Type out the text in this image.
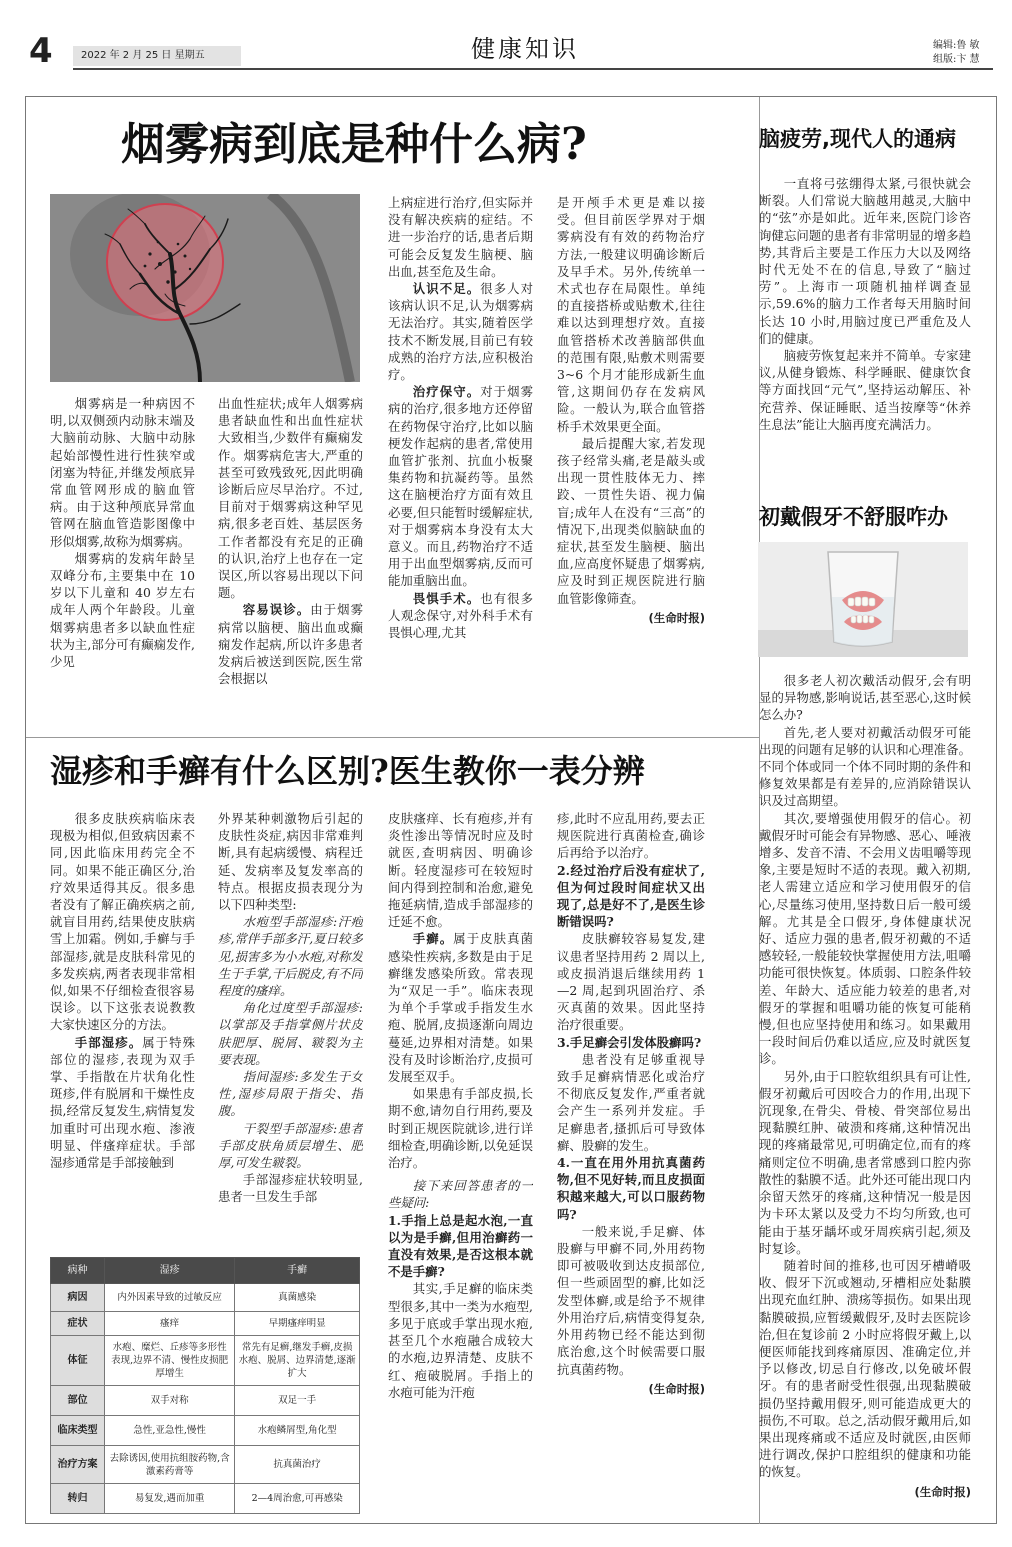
4	2022 年 2 月 25 日 星期五	健康知识	编辑:鲁 敏
组版:卞 慧
烟雾病到底是种什么病?

烟雾病是一种病因不明,以双侧颈内动脉末端及大脑前动脉、大脑中动脉起始部慢性进行性狭窄或闭塞为特征,并继发颅底异常血管网形成的脑血管病。由于这种颅底异常血管网在脑血管造影图像中形似烟雾,故称为烟雾病。

烟雾病的发病年龄呈双峰分布,主要集中在 10 岁以下儿童和 40 岁左右成年人两个年龄段。儿童烟雾病患者多以缺血性症状为主,部分可有癫痫发作,少见

出血性症状;成年人烟雾病患者缺血性和出血性症状大致相当,少数伴有癫痫发作。烟雾病危害大,严重的甚至可致残致死,因此明确诊断后应尽早治疗。不过,目前对于烟雾病这种罕见病,很多老百姓、基层医务工作者都没有充足的正确的认识,治疗上也存在一定误区,所以容易出现以下问题。

容易误诊。由于烟雾病常以脑梗、脑出血或癫痫发作起病,所以许多患者发病后被送到医院,医生常会根据以

上病症进行治疗,但实际并没有解决疾病的症结。不进一步治疗的话,患者后期可能会反复发生脑梗、脑出血,甚至危及生命。

认识不足。很多人对该病认识不足,认为烟雾病无法治疗。其实,随着医学技术不断发展,目前已有较成熟的治疗方法,应积极治疗。

治疗保守。对于烟雾病的治疗,很多地方还停留在药物保守治疗,比如以脑梗发作起病的患者,常使用血管扩张剂、抗血小板聚集药物和抗凝药等。虽然这在脑梗治疗方面有效且必要,但只能暂时缓解症状,对于烟雾病本身没有太大意义。而且,药物治疗不适用于出血型烟雾病,反而可能加重脑出血。

畏惧手术。也有很多人观念保守,对外科手术有畏惧心理,尤其

是开颅手术更是难以接受。但目前医学界对于烟雾病没有有效的药物治疗方法,一般建议明确诊断后及早手术。另外,传统单一术式也存在局限性。单纯的直接搭桥或贴敷术,往往难以达到理想疗效。直接血管搭桥术改善脑部供血的范围有限,贴敷术则需要 3~6 个月才能形成新生血管,这期间仍存在发病风险。一般认为,联合血管搭桥手术效果更全面。

最后提醒大家,若发现孩子经常头痛,老是敲头或出现一贯性肢体无力、摔跤、一贯性失语、视力偏盲;成年人在没有“三高”的情况下,出现类似脑缺血的症状,甚至发生脑梗、脑出血,应高度怀疑患了烟雾病,应及时到正规医院进行脑血管影像筛查。

(生命时报)
湿疹和手癣有什么区别?医生教你一表分辨

很多皮肤疾病临床表现极为相似,但致病因素不同,因此临床用药完全不同。如果不能正确区分,治疗效果适得其反。很多患者没有了解正确疾病之前,就盲目用药,结果使皮肤病雪上加霜。例如,手癣与手部湿疹,就是皮肤科常见的多发疾病,两者表现非常相似,如果不仔细检查很容易误诊。以下这张表说教教大家快速区分的方法。

手部湿疹。属于特殊部位的湿疹,表现为双手掌、手指散在片状角化性斑疹,伴有脱屑和干燥性皮损,经常反复发生,病情复发加重时可出现水疱、渗液明显、伴瘙痒症状。手部湿疹通常是手部接触到

外界某种刺激物后引起的皮肤性炎症,病因非常难判断,具有起病缓慢、病程迁延、发病率及复发率高的特点。根据皮损表现分为以下四种类型:

水疱型手部湿疹:汗疱疹,常伴手部多汗,夏日较多见,损害多为小水疱,对称发生于手掌,干后脱皮,有不同程度的瘙痒。

角化过度型手部湿疹:以掌部及手指掌侧片状皮肤肥厚、脱屑、皲裂为主要表现。

指间湿疹:多发生于女性,湿疹局限于指尖、指腹。

干裂型手部湿疹:患者手部皮肤角质层增生、肥厚,可发生皲裂。

手部湿疹症状较明显,患者一旦发生手部

皮肤瘙痒、长有疱疹,并有炎性渗出等情况时应及时就医,查明病因、明确诊断。轻度湿疹可在较短时间内得到控制和治愈,避免拖延病情,造成手部湿疹的迁延不愈。

手癣。属于皮肤真菌感染性疾病,多数是由于足癣继发感染所致。常表现为“双足一手”。临床表现为单个手掌或手指发生水疱、脱屑,皮损逐渐向周边蔓延,边界相对清楚。如果没有及时诊断治疗,皮损可发展至双手。

如果患有手部皮损,长期不愈,请勿自行用药,要及时到正规医院就诊,进行详细检查,明确诊断,以免延误治疗。

接下来回答患者的一些疑问:

1.手指上总是起水泡,一直以为是手癣,但用治癣药一直没有效果,是否这根本就不是手癣?

其实,手足癣的临床类型很多,其中一类为水疱型,多见于底或手掌出现水疱,甚至几个水疱融合成较大的水疱,边界清楚、皮肤不红、疱破脱屑。手指上的水疱可能为汗疱

疹,此时不应乱用药,要去正规医院进行真菌检查,确诊后再给予以治疗。

2.经过治疗后没有症状了,但为何过段时间症状又出现了,总是好不了,是医生诊断错误吗?

皮肤癣较容易复发,建议患者坚持用药 2 周以上,或皮损消退后继续用药 1—2 周,起到巩固治疗、杀灭真菌的效果。因此坚持治疗很重要。

3.手足癣会引发体股癣吗?

患者没有足够重视导致手足癣病情恶化或治疗不彻底反复发作,严重者就会产生一系列并发症。手足癣患者,搔抓后可导致体癣、股癣的发生。

4.一直在用外用抗真菌药物,但不见好转,而且皮损面积越来越大,可以口服药物吗?

一般来说,手足癣、体股癣与甲癣不同,外用药物即可被吸收到达皮损部位,但一些顽固型的癣,比如泛发型体癣,或是给予不规律外用治疗后,病情变得复杂,外用药物已经不能达到彻底治愈,这个时候需要口服抗真菌药物。

(生命时报)
病种	湿疹	手癣
病因	内外因素导致的过敏反应	真菌感染
症状	瘙痒	早期瘙痒明显
体征	水疱、糜烂、丘疹等多形性表现,边界不清、慢性皮损肥厚增生	常先有足癣,继发手癣,皮损水疱、脱屑、边界清楚,逐渐扩大
部位	双手对称	双足一手
临床类型	急性,亚急性,慢性	水疱鳞屑型,角化型
治疗方案	去除诱因,使用抗组胺药物,含激素药膏等	抗真菌治疗
转归	易复发,遇而加重	2—4周治愈,可再感染
脑疲劳,现代人的通病

一直将弓弦绷得太紧,弓很快就会断裂。人们常说大脑越用越灵,大脑中的“弦”亦是如此。近年来,医院门诊咨询健忘问题的患者有非常明显的增多趋势,其背后主要是工作压力大以及网络时代无处不在的信息,导致了“脑过劳”。上海市一项随机抽样调查显示,59.6%的脑力工作者每天用脑时间长达 10 小时,用脑过度已严重危及人们的健康。

脑疲劳恢复起来并不简单。专家建议,从健身锻炼、科学睡眠、健康饮食等方面找回“元气”,坚持运动解压、补充营养、保证睡眠、适当按摩等“休养生息法”能让大脑再度充满活力。

初戴假牙不舒服咋办

很多老人初次戴活动假牙,会有明显的异物感,影响说话,甚至恶心,这时候怎么办?

首先,老人要对初戴活动假牙可能出现的问题有足够的认识和心理准备。不同个体或同一个体不同时期的条件和修复效果都是有差异的,应消除错误认识及过高期望。

其次,要增强使用假牙的信心。初戴假牙时可能会有异物感、恶心、唾液增多、发音不清、不会用义齿咀嚼等现象,主要是短时不适的表现。戴入初期,老人需建立适应和学习使用假牙的信心,尽量练习使用,坚持数日后一般可缓解。尤其是全口假牙,身体健康状况好、适应力强的患者,假牙初戴的不适感较轻,一般能较快掌握使用方法,咀嚼功能可很快恢复。体质弱、口腔条件较差、年龄大、适应能力较差的患者,对假牙的掌握和咀嚼功能的恢复可能稍慢,但也应坚持使用和练习。如果戴用一段时间后仍难以适应,应及时就医复诊。

另外,由于口腔软组织具有可让性,假牙初戴后可因咬合力的作用,出现下沉现象,在骨尖、骨棱、骨突部位易出现黏膜红肿、破溃和疼痛,这种情况出现的疼痛最常见,可明确定位,而有的疼痛则定位不明确,患者常感到口腔内弥散性的黏膜不适。此外还可能出现口内余留天然牙的疼痛,这种情况一般是因为卡环太紧以及受力不均匀所致,也可能由于基牙龋坏或牙周疾病引起,须及时复诊。

随着时间的推移,也可因牙槽嵴吸收、假牙下沉或翘动,牙槽相应处黏膜出现充血红肿、溃疡等损伤。如果出现黏膜破损,应暂缓戴假牙,及时去医院诊治,但在复诊前 2 小时应将假牙戴上,以便医师能找到疼痛原因、准确定位,并予以修改,切忌自行修改,以免破坏假牙。有的患者耐受性很强,出现黏膜破损仍坚持戴用假牙,则可能造成更大的损伤,不可取。总之,活动假牙戴用后,如果出现疼痛或不适应及时就医,由医师进行调改,保护口腔组织的健康和功能的恢复。

(生命时报)
